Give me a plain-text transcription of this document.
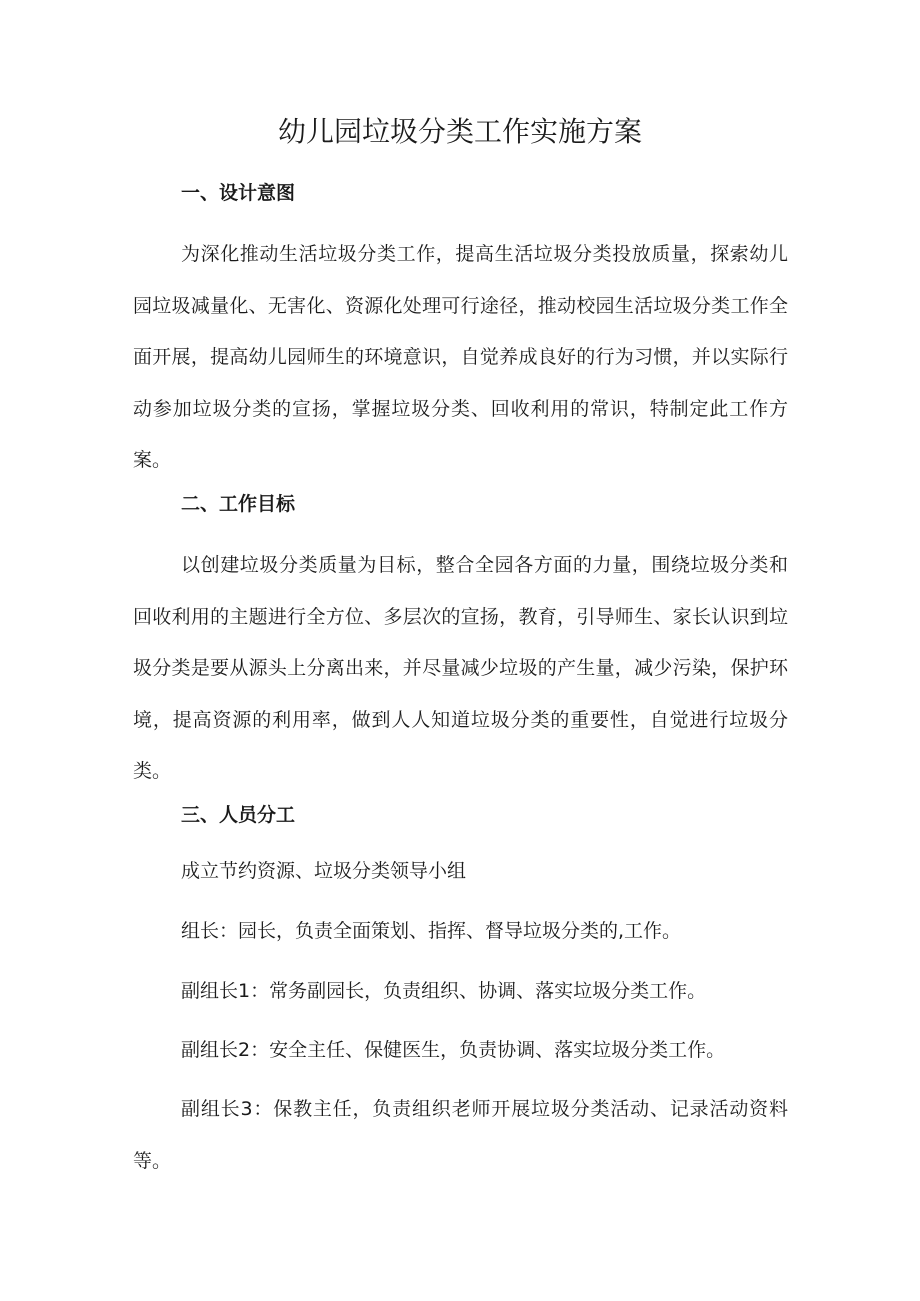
幼儿园垃圾分类工作实施方案
一、设计意图

为深化推动生活垃圾分类工作，提高生活垃圾分类投放质量，探索幼儿园垃圾减量化、无害化、资源化处理可行途径，推动校园生活垃圾分类工作全面开展，提高幼儿园师生的环境意识，自觉养成良好的行为习惯，并以实际行动参加垃圾分类的宣扬，掌握垃圾分类、回收利用的常识，特制定此工作方案。

二、工作目标

以创建垃圾分类质量为目标，整合全园各方面的力量，围绕垃圾分类和回收利用的主题进行全方位、多层次的宣扬，教育，引导师生、家长认识到垃圾分类是要从源头上分离出来，并尽量减少垃圾的产生量，减少污染，保护环境，提高资源的利用率，做到人人知道垃圾分类的重要性，自觉进行垃圾分类。

三、人员分工

成立节约资源、垃圾分类领导小组

组长：园长，负责全面策划、指挥、督导垃圾分类的,工作。

副组长1：常务副园长，负责组织、协调、落实垃圾分类工作。

副组长2：安全主任、保健医生，负责协调、落实垃圾分类工作。

副组长3：保教主任，负责组织老师开展垃圾分类活动、记录活动资料等。
